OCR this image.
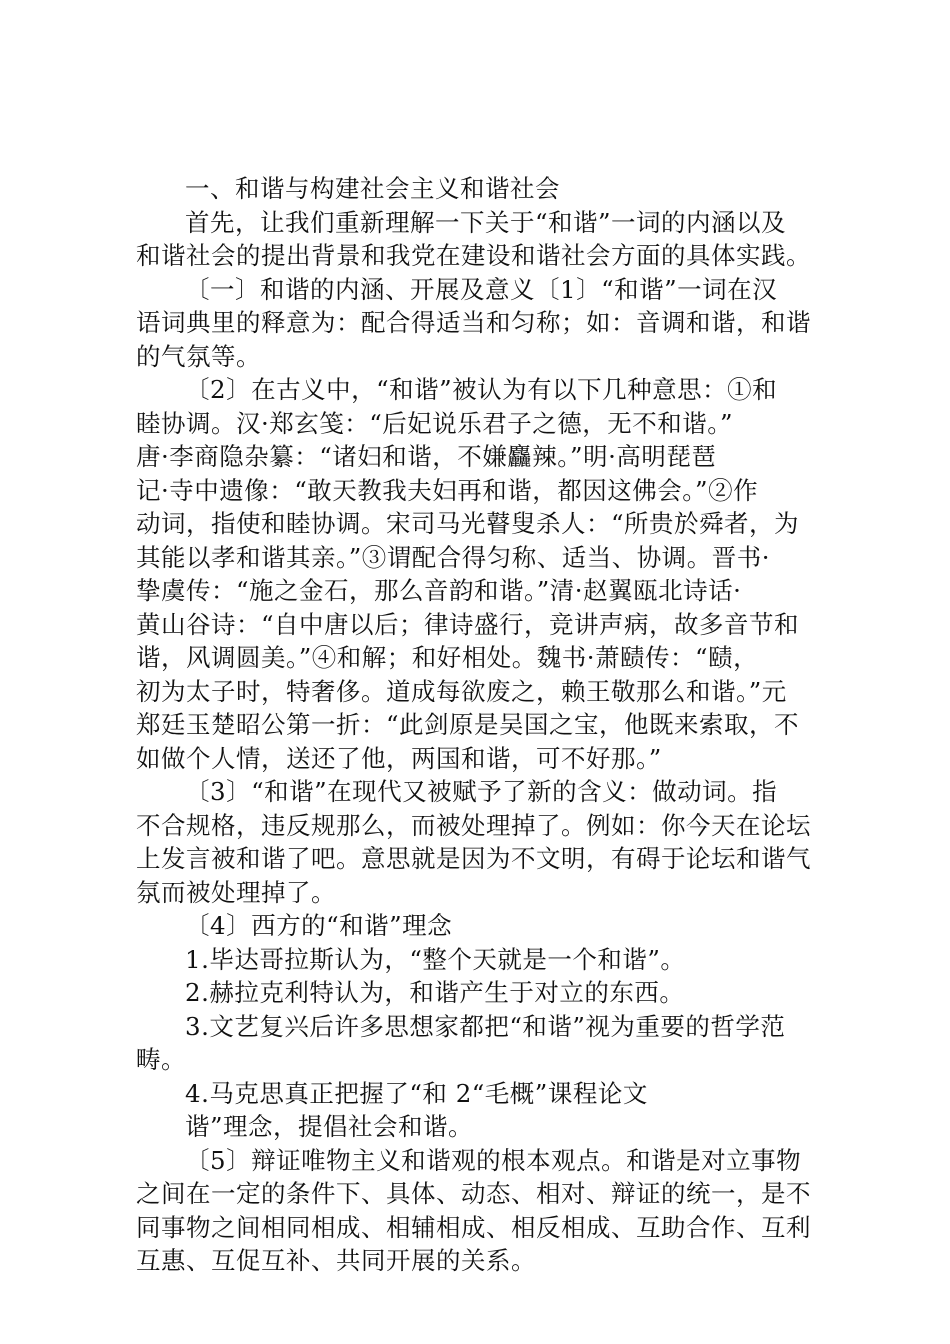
一、和谐与构建社会主义和谐社会
首先，让我们重新理解一下关于“和谐”一词的内涵以及
和谐社会的提出背景和我党在建设和谐社会方面的具体实践。
〔一〕和谐的内涵、开展及意义〔1〕“和谐”一词在汉
语词典里的释意为：配合得适当和匀称；如：音调和谐，和谐
的气氛等。
〔2〕在古义中，“和谐”被认为有以下几种意思：①和
睦协调。汉·郑玄笺：“后妃说乐君子之德，无不和谐。”
唐·李商隐杂纂：“诸妇和谐，不嫌麤辣。”明·高明琵琶
记·寺中遗像：“敢天教我夫妇再和谐，都因这佛会。”②作
动词，指使和睦协调。宋司马光瞽叟杀人：“所贵於舜者，为
其能以孝和谐其亲。”③谓配合得匀称、适当、协调。晋书·
挚虞传：“施之金石，那么音韵和谐。”清·赵翼瓯北诗话·
黄山谷诗：“自中唐以后；律诗盛行，竞讲声病，故多音节和
谐，风调圆美。”④和解；和好相处。魏书·萧赜传：“赜，
初为太子时，特奢侈。道成每欲废之，赖王敬那么和谐。”元
郑廷玉楚昭公第一折：“此剑原是吴国之宝，他既来索取，不
如做个人情，送还了他，两国和谐，可不好那。”
〔3〕“和谐”在现代又被赋予了新的含义：做动词。指
不合规格，违反规那么，而被处理掉了。例如：你今天在论坛
上发言被和谐了吧。意思就是因为不文明，有碍于论坛和谐气
氛而被处理掉了。
〔4〕西方的“和谐”理念
1.毕达哥拉斯认为，“整个天就是一个和谐”。
2.赫拉克利特认为，和谐产生于对立的东西。
3.文艺复兴后许多思想家都把“和谐”视为重要的哲学范
畴。
4.马克思真正把握了“和 2“毛概”课程论文
谐”理念，提倡社会和谐。
〔5〕辩证唯物主义和谐观的根本观点。和谐是对立事物
之间在一定的条件下、具体、动态、相对、辩证的统一，是不
同事物之间相同相成、相辅相成、相反相成、互助合作、互利
互惠、互促互补、共同开展的关系。
